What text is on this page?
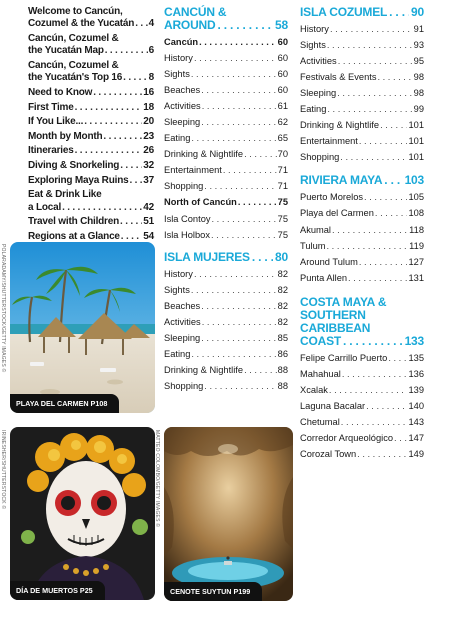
Welcome to Cancún,
Cozumel & the Yucatán . . . 4
Cancún, Cozumel &
the Yucatán Map . . .	6
Cancún, Cozumel &
the Yucatán's Top 16 . . .	8
Need to Know . . .	16
First Time . . .	18
If You Like... . . .	20
Month by Month . . .	23
Itineraries . . .	26
Diving & Snorkeling . . . 32
Exploring Maya Ruins . . . 37
Eat & Drink Like
a Local . . .	42
Travel with Children . . . 51
Regions at a Glance . . . 54
CANCÚN &
AROUND . . .	58
Cancún . . .	60
History . . .	60
Sights . . .	60
Beaches . . .	60
Activities . . .	61
Sleeping . . .	62
Eating . . .	65
Drinking & Nightlife . . .	70
Entertainment . . .	71
Shopping . . .	71
North of Cancún . . .	75
Isla Contoy . . .	75
Isla Holbox . . .	75
ISLA MUJERES . . . 80
History . . .	82
Sights . . .	82
Beaches . . .	82
Activities . . .	82
Sleeping . . .	85
Eating . . .	86
Drinking & Nightlife . . .	88
Shopping . . .	88
ISLA COZUMEL . . . 90
History . . .	91
Sights . . .	93
Activities . . .	95
Festivals & Events . . .	98
Sleeping . . .	98
Eating . . .	99
Drinking & Nightlife . . .	101
Entertainment . . .	101
Shopping . . .	101
RIVIERA MAYA . . . 103
Puerto Morelos . . .	105
Playa del Carmen . . .	108
Akumal . . .	118
Tulum . . .	119
Around Tulum . . .	127
Punta Allen . . .	131
COSTA MAYA &
SOUTHERN
CARIBBEAN
COAST . . .	133
Felipe Carrillo Puerto . . . 135
Mahahual . . .	136
Xcalak . . .	139
Laguna Bacalar . . .	140
Chetumal . . .	143
Corredor Arqueológico . . . 147
Corozal Town . . .	149
PLAYA DEL CARMEN P108
POLARADAMY/SHUTTERSTOCK/GETTY IMAGES ©
DÍA DE MUERTOS P25
IRINESHER/SHUTTERSTOCK ©
CENOTE SUYTUN P199
MATTEO COLOMBO/GETTY IMAGES ©
